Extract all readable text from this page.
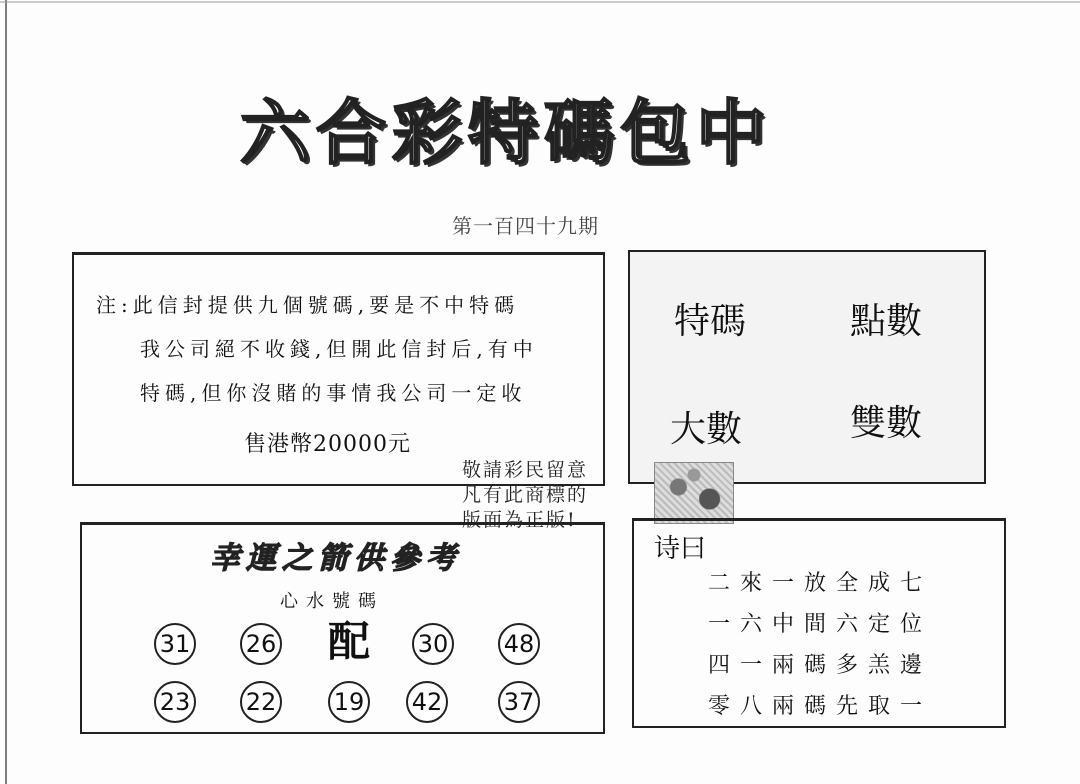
六合彩特碼包中
第一百四十九期
注:此信封提供九個號碼,要是不中特碼
我公司絕不收錢,但開此信封后,有中
特碼,但你沒賭的事情我公司一定收
售港幣20000元
特碼	點數
大數	雙數
敬請彩民留意
凡有此商標的
版面為正版!
幸運之箭供參考
心水號碼
31 26 配 30 48
23 22 19 42	37
诗曰
二來一放全成七
一六中間六定位
四一兩碼多羔邊
零八兩碼先取一
